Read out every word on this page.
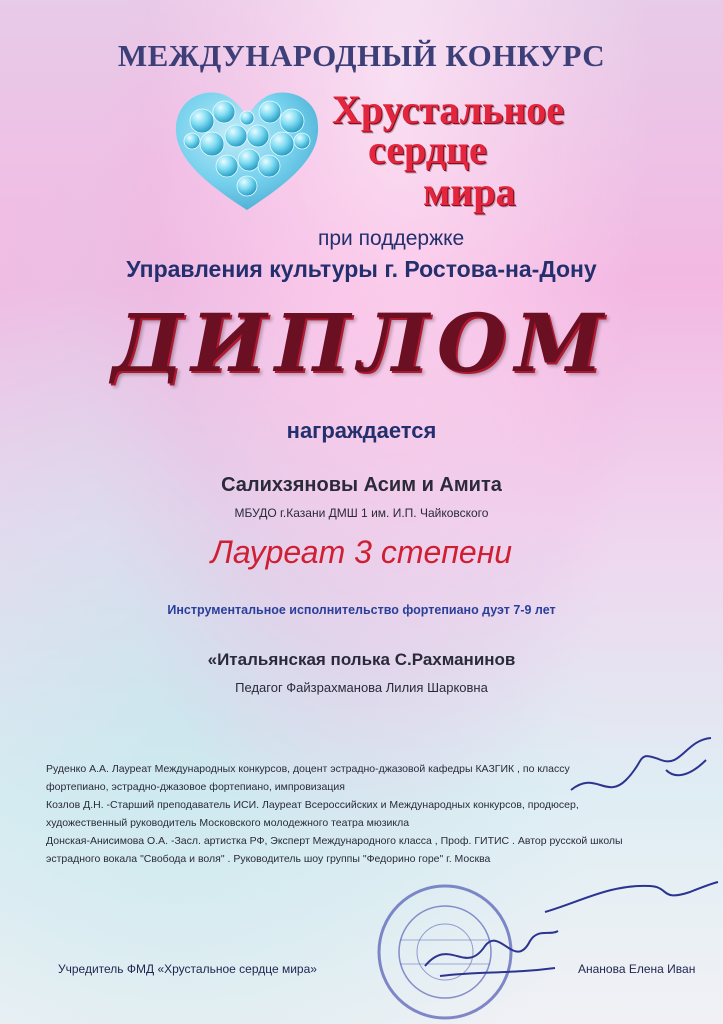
МЕЖДУНАРОДНЫЙ КОНКУРС
Хрустальное
сердце
мира
при поддержке
Управления культуры г. Ростова-на-Дону
ДИПЛОМ
награждается
Салихзяновы Асим и Амита
МБУДО г.Казани ДМШ 1 им. И.П. Чайковского
Лауреат 3 степени
Инструментальное исполнительство фортепиано дуэт 7-9 лет
«Итальянская полька С.Рахманинов
Педагог Файзрахманова Лилия Шарковна
Руденко А.А. Лауреат Международных конкурсов, доцент эстрадно-джазовой кафедры КАЗГИК , по классу
фортепиано, эстрадно-джазовое фортепиано, импровизация
Козлов Д.Н. -Старший преподаватель ИСИ. Лауреат Всероссийских и Международных конкурсов, продюсер,
художественный руководитель Московского молодежного театра мюзикла
Донская-Анисимова О.А. -Засл. артистка РФ, Эксперт Международного класса , Проф. ГИТИС . Автор русской школы
эстрадного вокала "Свобода и воля" . Руководитель шоу группы "Федорино горе" г. Москва
Учредитель ФМД «Хрустальное сердце мира»	Ананова Елена Иван
